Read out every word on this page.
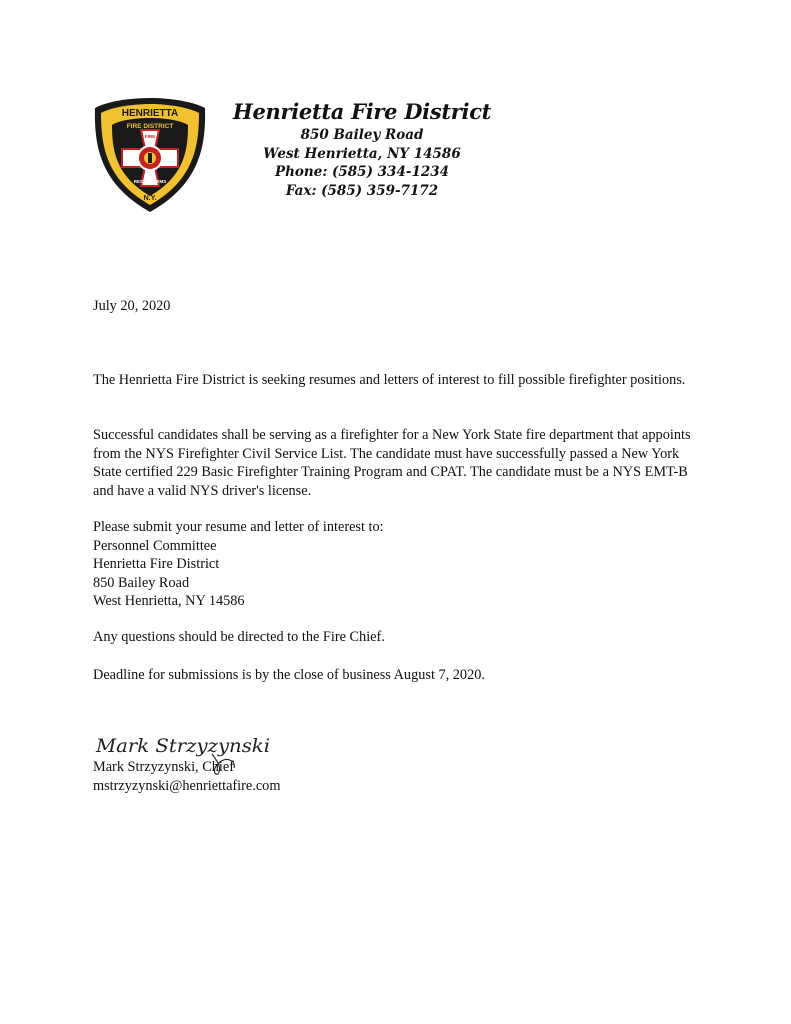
HENRIETTA
FIRE DISTRICT
FIRE
RESCUE - EMS
N.Y.
Henrietta Fire District
850 Bailey Road
West Henrietta, NY 14586
Phone: (585) 334-1234
Fax: (585) 359-7172

July 20, 2020

The Henrietta Fire District is seeking resumes and letters of interest to fill possible firefighter positions.

Successful candidates shall be serving as a firefighter for a New York State fire department that appoints from the NYS Firefighter Civil Service List. The candidate must have successfully passed a New York State certified 229 Basic Firefighter Training Program and CPAT. The candidate must be a NYS EMT-B and have a valid NYS driver's license.

Please submit your resume and letter of interest to:

Personnel Committee

Henrietta Fire District

850 Bailey Road

West Henrietta, NY 14586

Any questions should be directed to the Fire Chief.

Deadline for submissions is by the close of business August 7, 2020.

Mark Strzyzynski

Mark Strzyzynski, Chief

mstrzyzynski@henriettafire.com
